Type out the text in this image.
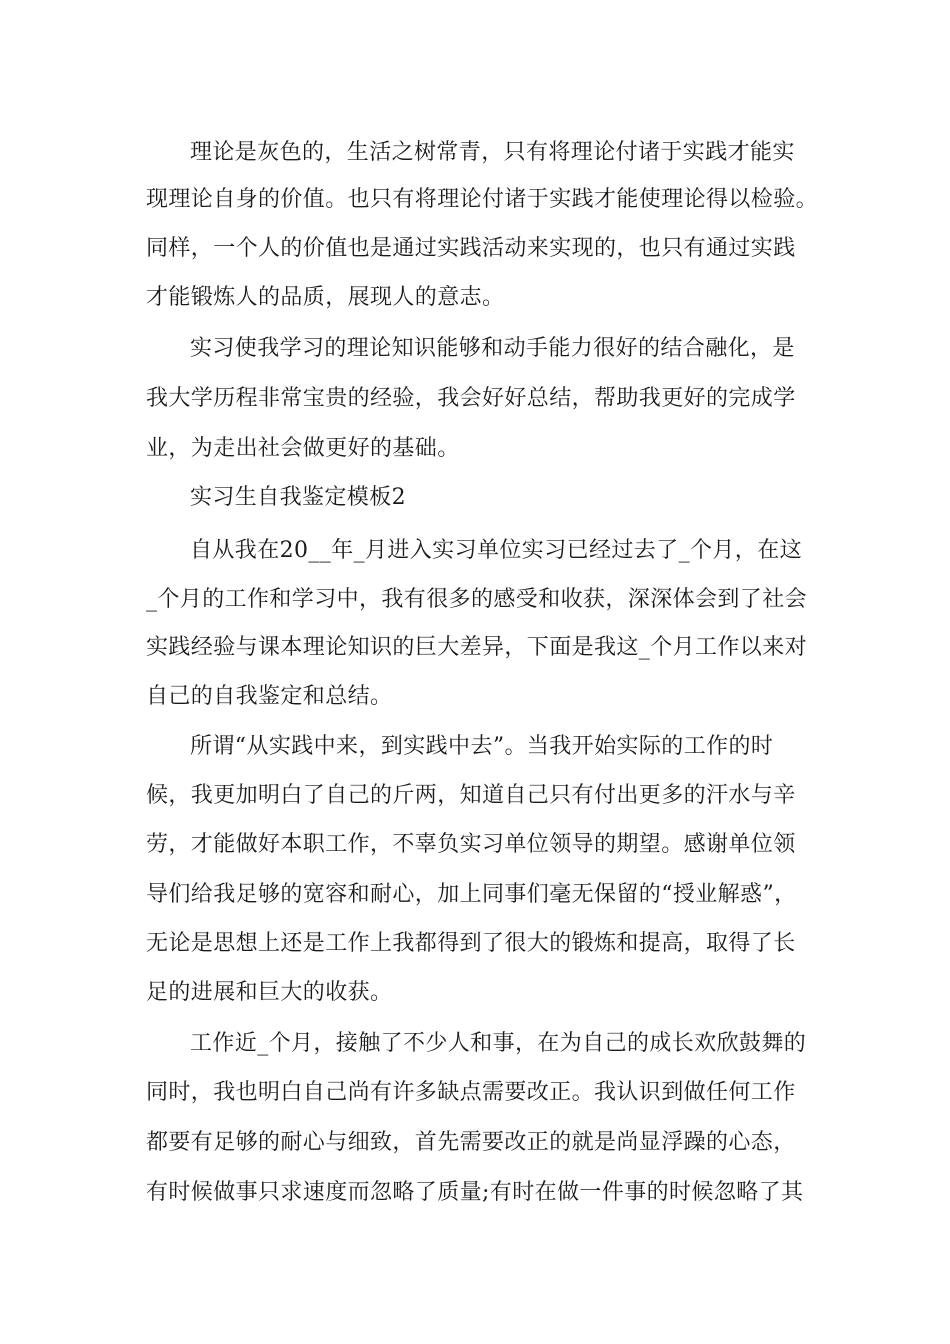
理论是灰色的，生活之树常青，只有将理论付诸于实践才能实
现理论自身的价值。也只有将理论付诸于实践才能使理论得以检验。
同样，一个人的价值也是通过实践活动来实现的，也只有通过实践
才能锻炼人的品质，展现人的意志。
实习使我学习的理论知识能够和动手能力很好的结合融化，是
我大学历程非常宝贵的经验，我会好好总结，帮助我更好的完成学
业，为走出社会做更好的基础。
实习生自我鉴定模板2
自从我在20__年_月进入实习单位实习已经过去了_个月，在这
_个月的工作和学习中，我有很多的感受和收获，深深体会到了社会
实践经验与课本理论知识的巨大差异，下面是我这_个月工作以来对
自己的自我鉴定和总结。
所谓“从实践中来，到实践中去”。当我开始实际的工作的时
候，我更加明白了自己的斤两，知道自己只有付出更多的汗水与辛
劳，才能做好本职工作，不辜负实习单位领导的期望。感谢单位领
导们给我足够的宽容和耐心，加上同事们毫无保留的“授业解惑”，
无论是思想上还是工作上我都得到了很大的锻炼和提高，取得了长
足的进展和巨大的收获。
工作近_个月，接触了不少人和事，在为自己的成长欢欣鼓舞的
同时，我也明白自己尚有许多缺点需要改正。我认识到做任何工作
都要有足够的耐心与细致，首先需要改正的就是尚显浮躁的心态，
有时候做事只求速度而忽略了质量;有时在做一件事的时候忽略了其
